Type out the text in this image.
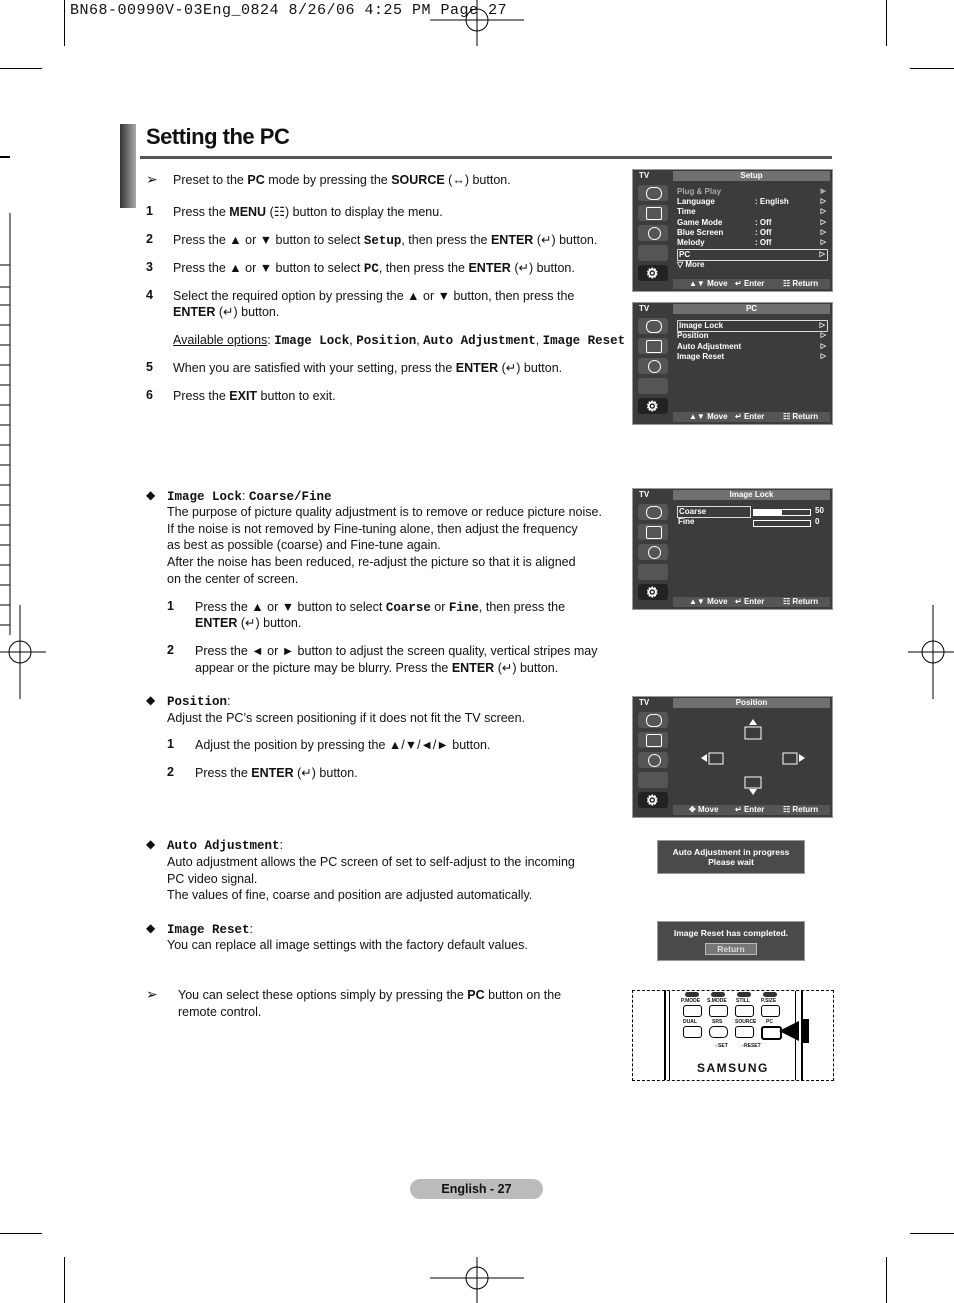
BN68-00990V-03Eng_0824 8/26/06 4:25 PM Page 27
Setting the PC
➢ Preset to the PC mode by pressing the SOURCE (↔) button.
1 Press the MENU (☷) button to display the menu.
2 Press the ▲ or ▼ button to select Setup, then press the ENTER (↵) button.
3 Press the ▲ or ▼ button to select PC, then press the ENTER (↵) button.
4 Select the required option by pressing the ▲ or ▼ button, then press the
ENTER (↵) button.
Available options: Image Lock, Position, Auto Adjustment, Image Reset
5 When you are satisfied with your setting, press the ENTER (↵) button.
6 Press the EXIT button to exit.
◆ Image Lock: Coarse/Fine
The purpose of picture quality adjustment is to remove or reduce picture noise.
If the noise is not removed by Fine-tuning alone, then adjust the frequency
as best as possible (coarse) and Fine-tune again.
After the noise has been reduced, re-adjust the picture so that it is aligned
on the center of screen.
1 Press the ▲ or ▼ button to select Coarse or Fine, then press the
ENTER (↵) button.
2 Press the ◄ or ► button to adjust the screen quality, vertical stripes may
appear or the picture may be blurry. Press the ENTER (↵) button.
◆ Position:
Adjust the PC’s screen positioning if it does not fit the TV screen.
1 Adjust the position by pressing the ▲/▼/◄/► button.
2 Press the ENTER (↵) button.
◆ Auto Adjustment:
Auto adjustment allows the PC screen of set to self-adjust to the incoming
PC video signal.
The values of fine, coarse and position are adjusted automatically.
◆ Image Reset:
You can replace all image settings with the factory default values.
➢ You can select these options simply by pressing the PC button on the
remote control.
TV	Setup
⚙
Plug & Play	▶
Language	: English	▷
Time	▷
Game Mode	: Off	▷
Blue Screen	: Off	▷
Melody	: Off	▷
PC	▷
▽ More
▲▼ Move ↵ Enter ☷ Return
TV	PC
⚙
Image Lock	▷
Position	▷
Auto Adjustment	▷
Image Reset	▷
▲▼ Move ↵ Enter ☷ Return
TV	Image Lock
⚙
Coarse	50
Fine	0
▲▼ Move ↵ Enter ☷ Return
TV	Position
⚙
✥ Move ↵ Enter ☷ Return
Auto Adjustment in progress
Please wait
Image Reset has completed.
Return
P.MODE S.MODE STILL P.SIZE
DUAL	SRS	SOURCE PC
○SET	○RESET
SAMSUNG
English - 27
